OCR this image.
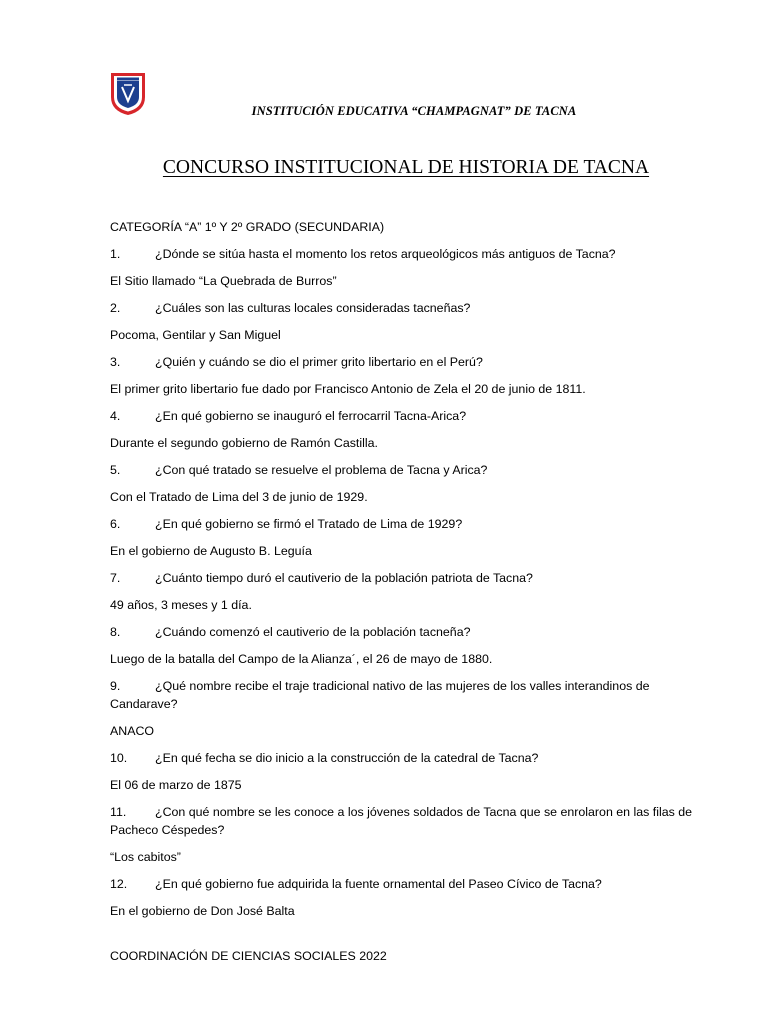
INSTITUCIÓN EDUCATIVA “CHAMPAGNAT” DE TACNA
CONCURSO INSTITUCIONAL DE HISTORIA DE TACNA
CATEGORÍA “A” 1º Y 2º GRADO (SECUNDARIA)
1.	¿Dónde se sitúa hasta el momento los retos arqueológicos más antiguos de Tacna?
El Sitio llamado “La Quebrada de Burros”
2.	¿Cuáles son las culturas locales consideradas tacneñas?
Pocoma, Gentilar y San Miguel
3.	¿Quién y cuándo se dio el primer grito libertario en el Perú?
El primer grito libertario fue dado por Francisco Antonio de Zela el 20 de junio de 1811.
4.	¿En qué gobierno se inauguró el ferrocarril Tacna-Arica?
Durante el segundo gobierno de Ramón Castilla.
5.	¿Con qué tratado se resuelve el problema de Tacna y Arica?
Con el Tratado de Lima del 3 de junio de 1929.
6.	¿En qué gobierno se firmó el Tratado de Lima de 1929?
En el gobierno de Augusto B. Leguía
7.	¿Cuánto tiempo duró el cautiverio de la población patriota de Tacna?
49 años, 3 meses y 1 día.
8.	¿Cuándo comenzó el cautiverio de la población tacneña?
Luego de la batalla del Campo de la Alianza´, el 26 de mayo de 1880.
9.	¿Qué nombre recibe el traje tradicional nativo de las mujeres de los valles interandinos de Candarave?
ANACO
10.	¿En qué fecha se dio inicio a la construcción de la catedral de Tacna?
El 06 de marzo de 1875
11. ¿Con qué nombre se les conoce a los jóvenes soldados de Tacna que se enrolaron en las filas de Pacheco Céspedes?
“Los cabitos”
12.	¿En qué gobierno fue adquirida la fuente ornamental del Paseo Cívico de Tacna?
En el gobierno de Don José Balta
COORDINACIÓN DE CIENCIAS SOCIALES 2022
